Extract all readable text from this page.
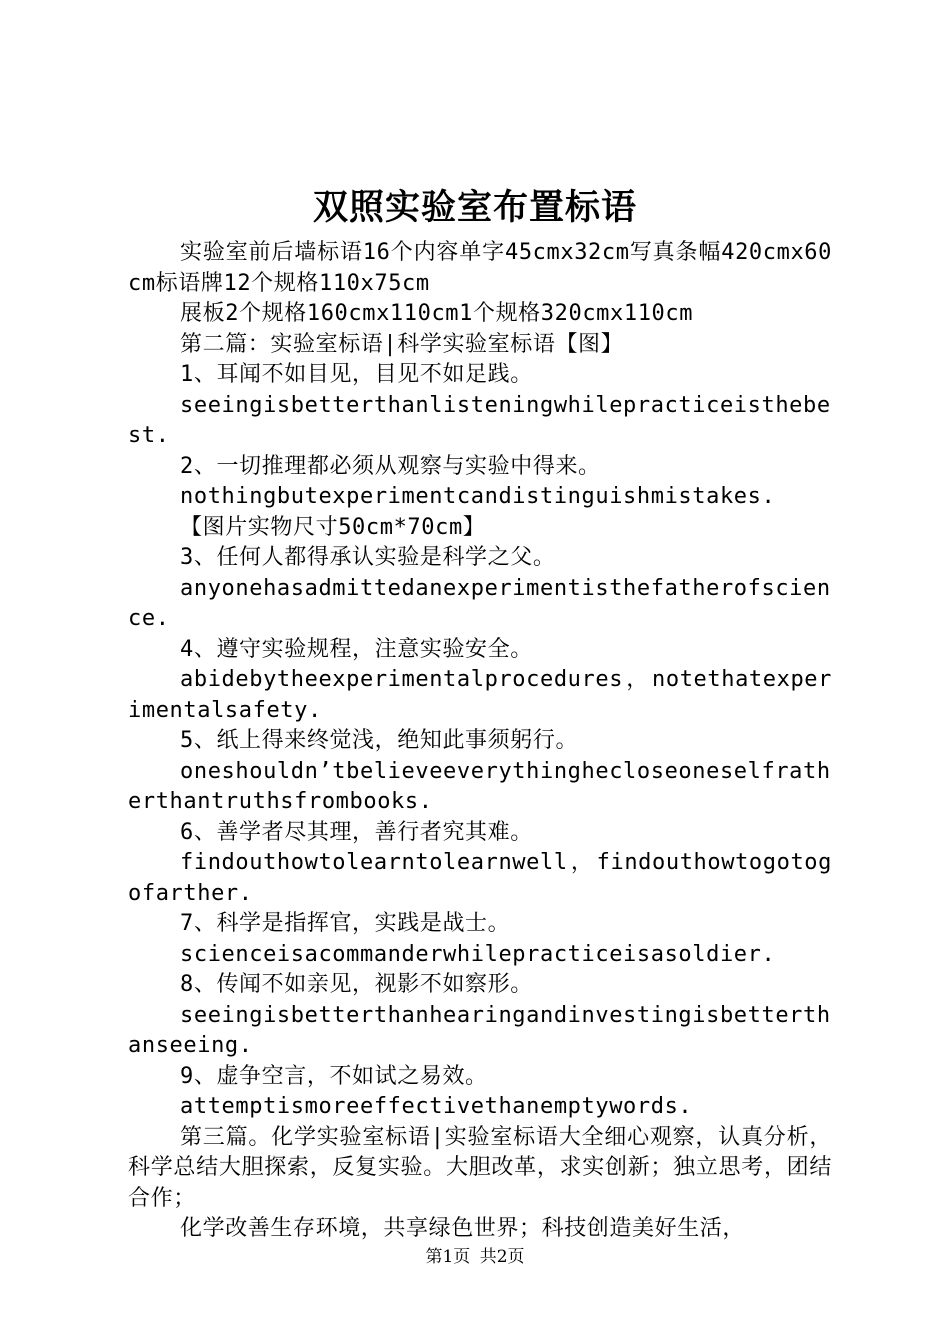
双照实验室布置标语

实验室前后墙标语16个内容单字45cmx32cm写真条幅420cmx60cm标语牌12个规格110x75cm

展板2个规格160cmx110cm1个规格320cmx110cm

第二篇：实验室标语|科学实验室标语【图】

1、耳闻不如目见，目见不如足践。

seeingisbetterthanlisteningwhilepracticeisthebest.

2、一切推理都必须从观察与实验中得来。

nothingbutexperimentcandistinguishmistakes.

【图片实物尺寸50cm*70cm】

3、任何人都得承认实验是科学之父。

anyonehasadmittedanexperimentisthefatherofscience.

4、遵守实验规程，注意实验安全。

abidebytheexperimentalprocedures，notethatexperimentalsafety.

5、纸上得来终觉浅，绝知此事须躬行。

oneshouldn’tbelieveeverythinghecloseoneselfratherthantruthsfrombooks.

6、善学者尽其理，善行者究其难。

findouthowtolearntolearnwell，findouthowtogotogofarther.

7、科学是指挥官，实践是战士。

scienceisacommanderwhilepracticeisasoldier.

8、传闻不如亲见，视影不如察形。

seeingisbetterthanhearingandinvestingisbetterthanseeing.

9、虚争空言，不如试之易效。

attemptismoreeffectivethanemptywords.

第三篇。化学实验室标语|实验室标语大全细心观察，认真分析，科学总结大胆探索，反复实验。大胆改革，求实创新；独立思考，团结合作；

化学改善生存环境，共享绿色世界；科技创造美好生活，

第1页 共2页
